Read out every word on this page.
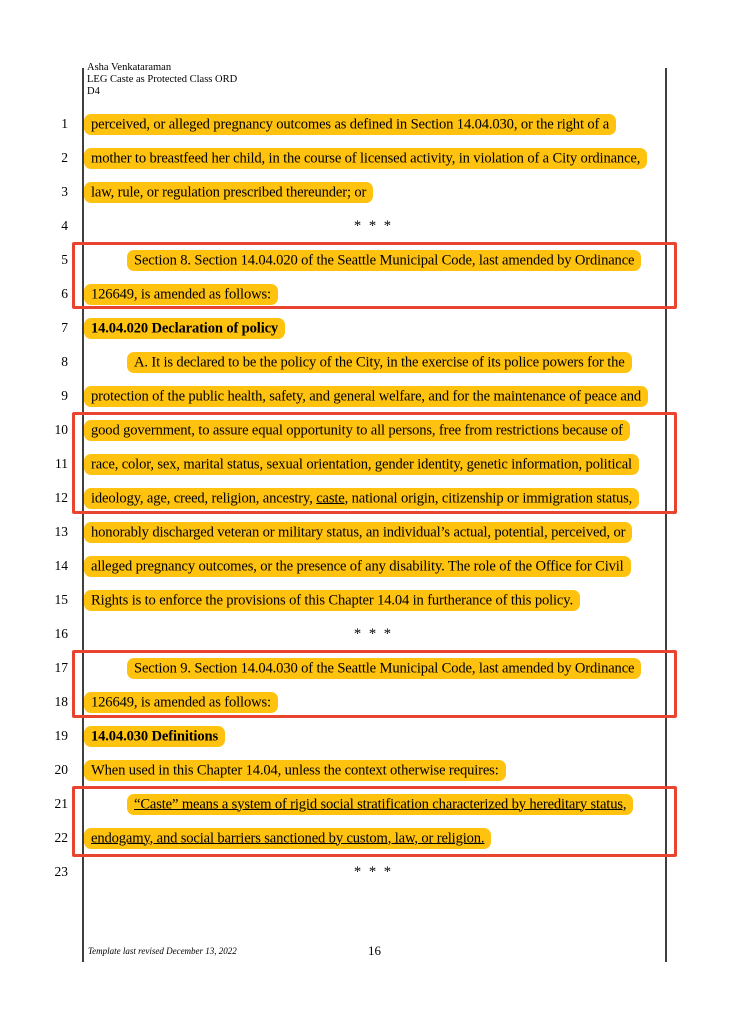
Asha Venkataraman
LEG Caste as Protected Class ORD
D4
1	perceived, or alleged pregnancy outcomes as defined in Section 14.04.030, or the right of a
2	mother to breastfeed her child, in the course of licensed activity, in violation of a City ordinance,
3	law, rule, or regulation prescribed thereunder; or
4	* * *
5	Section 8. Section 14.04.020 of the Seattle Municipal Code, last amended by Ordinance
6	126649, is amended as follows:
7	14.04.020 Declaration of policy
8	A. It is declared to be the policy of the City, in the exercise of its police powers for the
9	protection of the public health, safety, and general welfare, and for the maintenance of peace and
10	good government, to assure equal opportunity to all persons, free from restrictions because of
11	race, color, sex, marital status, sexual orientation, gender identity, genetic information, political
12	ideology, age, creed, religion, ancestry, caste, national origin, citizenship or immigration status,
13	honorably discharged veteran or military status, an individual’s actual, potential, perceived, or
14	alleged pregnancy outcomes, or the presence of any disability. The role of the Office for Civil
15	Rights is to enforce the provisions of this Chapter 14.04 in furtherance of this policy.
16	* * *
17	Section 9. Section 14.04.030 of the Seattle Municipal Code, last amended by Ordinance
18	126649, is amended as follows:
19	14.04.030 Definitions
20	When used in this Chapter 14.04, unless the context otherwise requires:
21	“Caste” means a system of rigid social stratification characterized by hereditary status,
22	endogamy, and social barriers sanctioned by custom, law, or religion.
23	* * *
Template last revised December 13, 2022	16
